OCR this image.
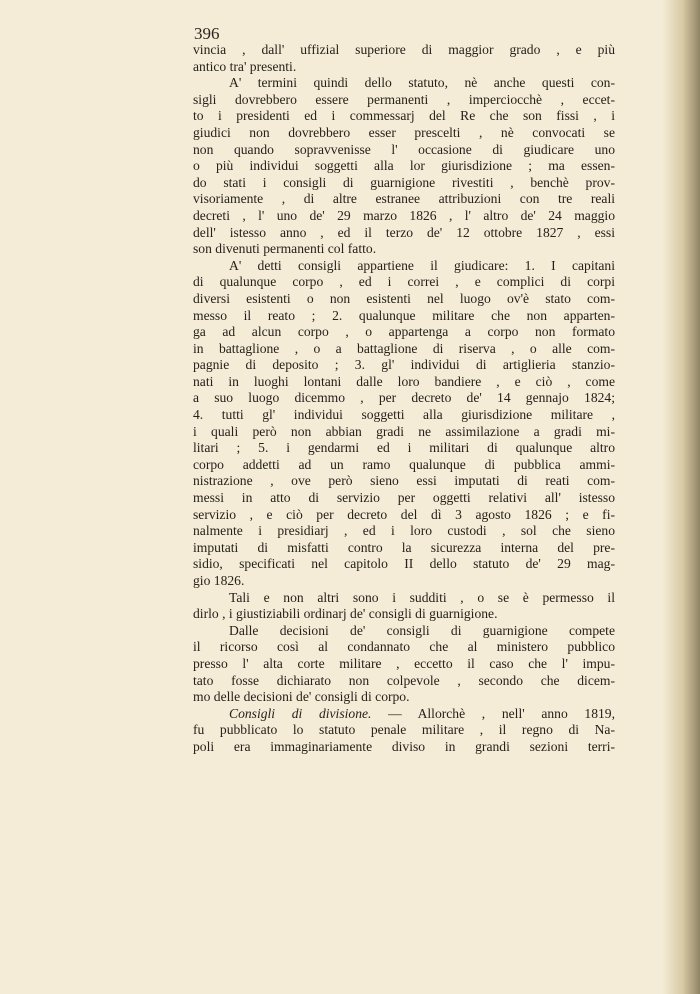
396
vincia , dall' uffizial superiore di maggior grado , e più
antico tra' presenti.
A' termini quindi dello statuto, nè anche questi con-
sigli dovrebbero essere permanenti , imperciocchè , eccet-
to i presidenti ed i commessarj del Re che son fissi , i
giudici non dovrebbero esser prescelti , nè convocati se
non quando sopravvenisse l' occasione di giudicare uno
o più individui soggetti alla lor giurisdizione ; ma essen-
do stati i consigli di guarnigione rivestiti , benchè prov-
visoriamente , di altre estranee attribuzioni con tre reali
decreti , l' uno de' 29 marzo 1826 , l' altro de' 24 maggio
dell' istesso anno , ed il terzo de' 12 ottobre 1827 , essi
son divenuti permanenti col fatto.
A' detti consigli appartiene il giudicare: 1. I capitani
di qualunque corpo , ed i correi , e complici di corpi
diversi esistenti o non esistenti nel luogo ov'è stato com-
messo il reato ; 2. qualunque militare che non apparten-
ga ad alcun corpo , o appartenga a corpo non formato
in battaglione , o a battaglione di riserva , o alle com-
pagnie di deposito ; 3. gl' individui di artiglieria stanzio-
nati in luoghi lontani dalle loro bandiere , e ciò , come
a suo luogo dicemmo , per decreto de' 14 gennajo 1824;
4. tutti gl' individui soggetti alla giurisdizione militare ,
i quali però non abbian gradi ne assimilazione a gradi mi-
litari ; 5. i gendarmi ed i militari di qualunque altro
corpo addetti ad un ramo qualunque di pubblica ammi-
nistrazione , ove però sieno essi imputati di reati com-
messi in atto di servizio per oggetti relativi all' istesso
servizio , e ciò per decreto del dì 3 agosto 1826 ; e fi-
nalmente i presidiarj , ed i loro custodi , sol che sieno
imputati di misfatti contro la sicurezza interna del pre-
sidio, specificati nel capitolo II dello statuto de' 29 mag-
gio 1826.
Tali e non altri sono i sudditi , o se è permesso il
dirlo , i giustiziabili ordinarj de' consigli di guarnigione.
Dalle decisioni de' consigli di guarnigione compete
il ricorso così al condannato che al ministero pubblico
presso l' alta corte militare , eccetto il caso che l' impu-
tato fosse dichiarato non colpevole , secondo che dicem-
mo delle decisioni de' consigli di corpo.
Consigli di divisione. — Allorchè , nell' anno 1819,
fu pubblicato lo statuto penale militare , il regno di Na-
poli era immaginariamente diviso in grandi sezioni terri-
